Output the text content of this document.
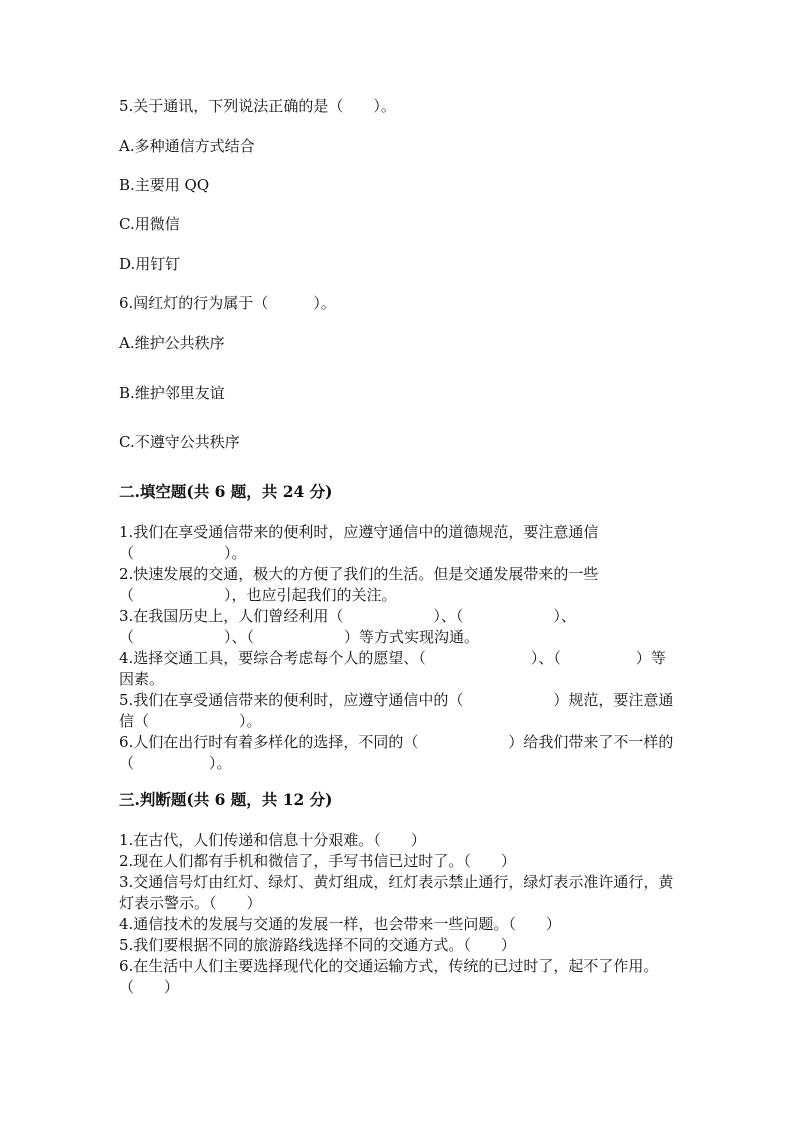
5.关于通讯，下列说法正确的是（　　）。
A.多种通信方式结合
B.主要用 QQ
C.用微信
D.用钉钉
6.闯红灯的行为属于（　　　）。
A.维护公共秩序
B.维护邻里友谊
C.不遵守公共秩序
二.填空题(共 6 题，共 24 分)

1.我们在享受通信带来的便利时，应遵守通信中的道德规范，要注意通信（　　　　　　）。

2.快速发展的交通，极大的方便了我们的生活。但是交通发展带来的一些（　　　　　　），也应引起我们的关注。

3.在我国历史上，人们曾经利用（　　　　　　）、（　　　　　　）、（　　　　　　）、（　　　　　　）等方式实现沟通。

4.选择交通工具，要综合考虑每个人的愿望、（　　　　　　　）、（　　　　　）等因素。

5.我们在享受通信带来的便利时，应遵守通信中的（　　　　　　）规范，要注意通信（　　　　　　）。

6.人们在出行时有着多样化的选择，不同的（　　　　　　）给我们带来了不一样的（　　　　　）。

三.判断题(共 6 题，共 12 分)

1.在古代，人们传递和信息十分艰难。（　　）

2.现在人们都有手机和微信了，手写书信已过时了。（　　）

3.交通信号灯由红灯、绿灯、黄灯组成，红灯表示禁止通行，绿灯表示准许通行，黄灯表示警示。（　　）

4.通信技术的发展与交通的发展一样，也会带来一些问题。（　　）

5.我们要根据不同的旅游路线选择不同的交通方式。（　　）

6.在生活中人们主要选择现代化的交通运输方式，传统的已过时了，起不了作用。（　　）
